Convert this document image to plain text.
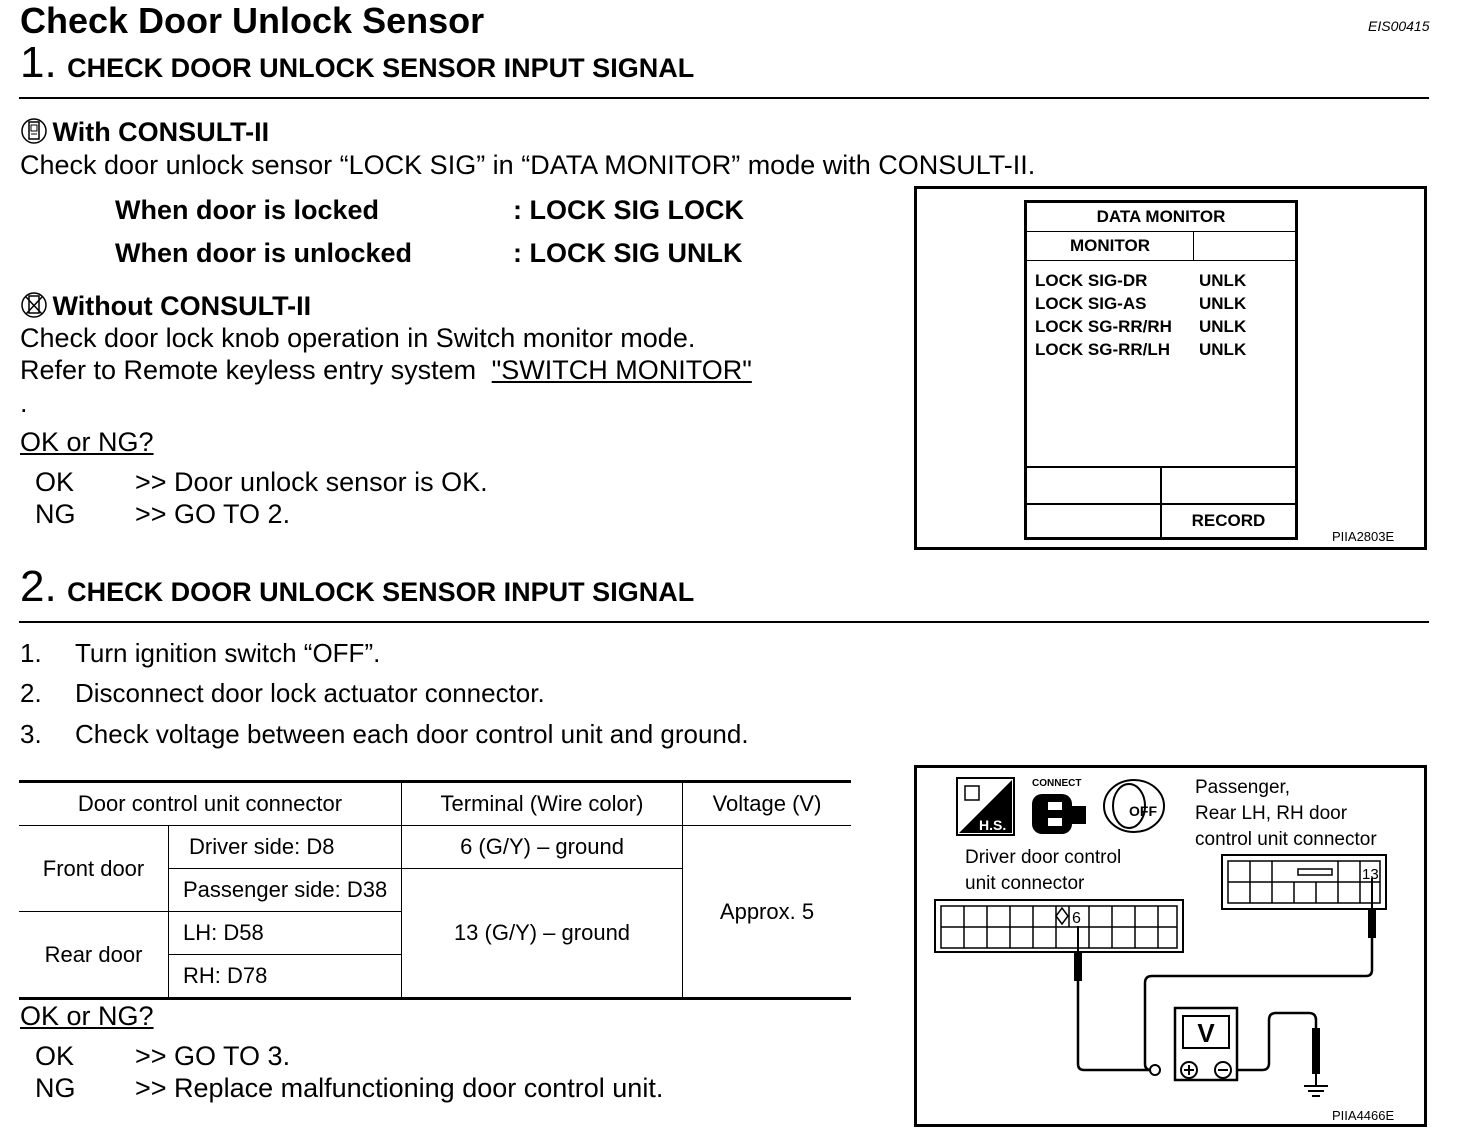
Check Door Unlock Sensor	EIS00415
1. CHECK DOOR UNLOCK SENSOR INPUT SIGNAL
With CONSULT-II
Check door unlock sensor “LOCK SIG” in “DATA MONITOR” mode with CONSULT-II.
When door is locked	: LOCK SIG LOCK
When door is unlocked	: LOCK SIG UNLK
Without CONSULT-II
Check door lock knob operation in Switch monitor mode.
Refer to Remote keyless entry system "SWITCH MONITOR"
.
OK or NG?
OK >> Door unlock sensor is OK.
NG >> GO TO 2.
DATA MONITOR
MONITOR
LOCK SIG-DR	UNLK
LOCK SIG-AS	UNLK
LOCK SG-RR/RH UNLK
LOCK SG-RR/LH UNLK
RECORD
PIIA2803E
2. CHECK DOOR UNLOCK SENSOR INPUT SIGNAL
1. Turn ignition switch “OFF”.
2. Disconnect door lock actuator connector.
3. Check voltage between each door control unit and ground.
Door control unit connector		Terminal (Wire color)	Voltage (V)
Front door	Driver side: D8	6 (G/Y) – ground	Approx. 5
	Passenger side: D38	13 (G/Y) – ground	
Rear door	LH: D58		
	RH: D78		
OK or NG?
OK >> GO TO 3.
NG >> Replace malfunctioning door control unit.
H.S.
CONNECT
OFF
Passenger,
Rear LH, RH door
control unit connector
Driver door control
unit connector
6
13
V
PIIA4466E
